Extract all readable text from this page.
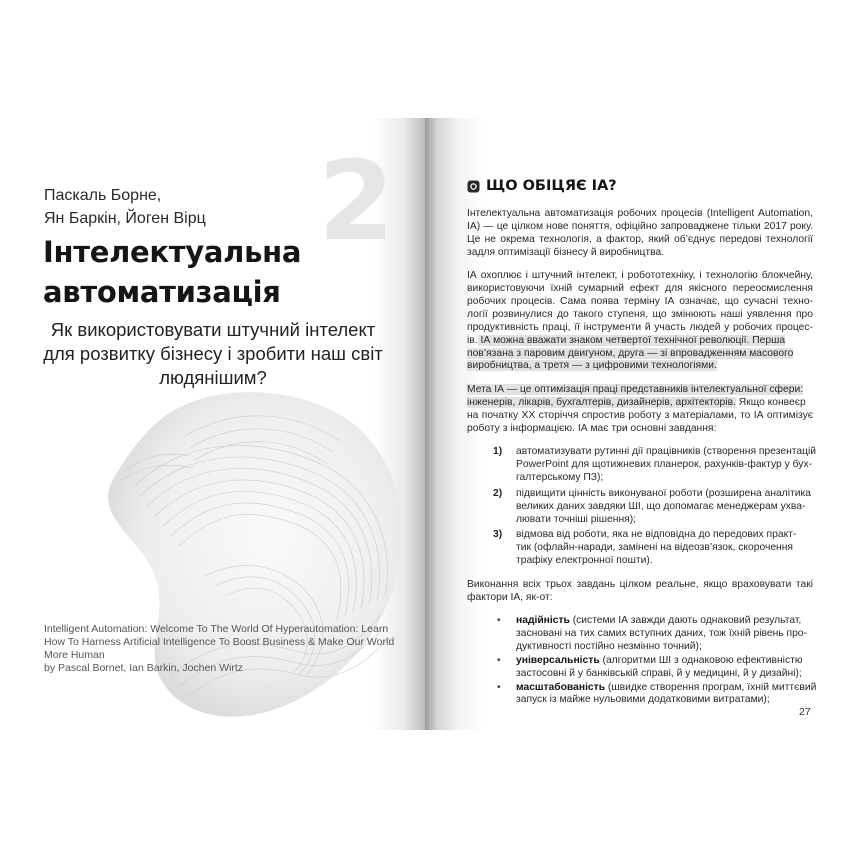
2
Паскаль Борне,
Ян Баркін, Йоген Вірц
Інтелектуальна
автоматизація
Як використовувати штучний інтелект
для розвитку бізнесу і зробити наш світ
людянішим?
Intelligent Automation: Welcome To The World Of Hyperautomation: Learn
How To Harness Artificial Intelligence To Boost Business & Make Our World
More Human
by Pascal Bornet, Ian Barkin, Jochen Wirtz
ЩО ОБІЦЯЄ ІА?
Інтелектуальна автоматизація робочих процесів (Intelligent Automation,
ІА) — це цілком нове поняття, офіційно запроваджене тільки 2017 року.
Це не окрема технологія, а фактор, який об’єднує передові технології
задля оптимізації бізнесу й виробництва.
ІА охоплює і штучний інтелект, і робототехніку, і технологію блокчейну,
використовуючи їхній сумарний ефект для якісного переосмислення
робочих процесів. Сама поява терміну ІА означає, що сучасні техно-
логії розвинулися до такого ступеня, що змінюють наші уявлення про
продуктивність праці, її інструменти й участь людей у робочих процес-
ів. ІА можна вважати знаком четвертої технічної революції. Перша
пов’язана з паровим двигуном, друга — зі впровадженням масового
виробництва, а третя — з цифровими технологіями.
Мета ІА — це оптимізація праці представників інтелектуальної сфери:
інженерів, лікарів, бухгалтерів, дизайнерів, архітекторів. Якщо конвеєр
на початку ХХ сторіччя спростив роботу з матеріалами, то ІА оптимізує
роботу з інформацією. ІА має три основні завдання:
1) автоматизувати рутинні дії працівників (створення презентацій
PowerPoint для щотижневих планерок, рахунків-фактур у бух-
галтерському ПЗ);
2) підвищити цінність виконуваної роботи (розширена аналітика
великих даних завдяки ШІ, що допомагає менеджерам ухва-
лювати точніші рішення);
3) відмова від роботи, яка не відповідна до передових практ-
тик (офлайн-наради, замінені на відеозв’язок, скорочення
трафіку електронної пошти).
Виконання всіх трьох завдань цілком реальне, якщо враховувати такі
фактори ІА, як-от:
• надійність (системи ІА завжди дають однаковий результат,
засновані на тих самих вступних даних, тож їхній рівень про-
дуктивності постійно незмінно точний);
• універсальність (алгоритми ШІ з однаковою ефективністю
застосовні й у банківській справі, й у медицині, й у дизайні);
• масштабованість (швидке створення програм, їхній миттєвий
запуск із майже нульовими додатковими витратами);
27
